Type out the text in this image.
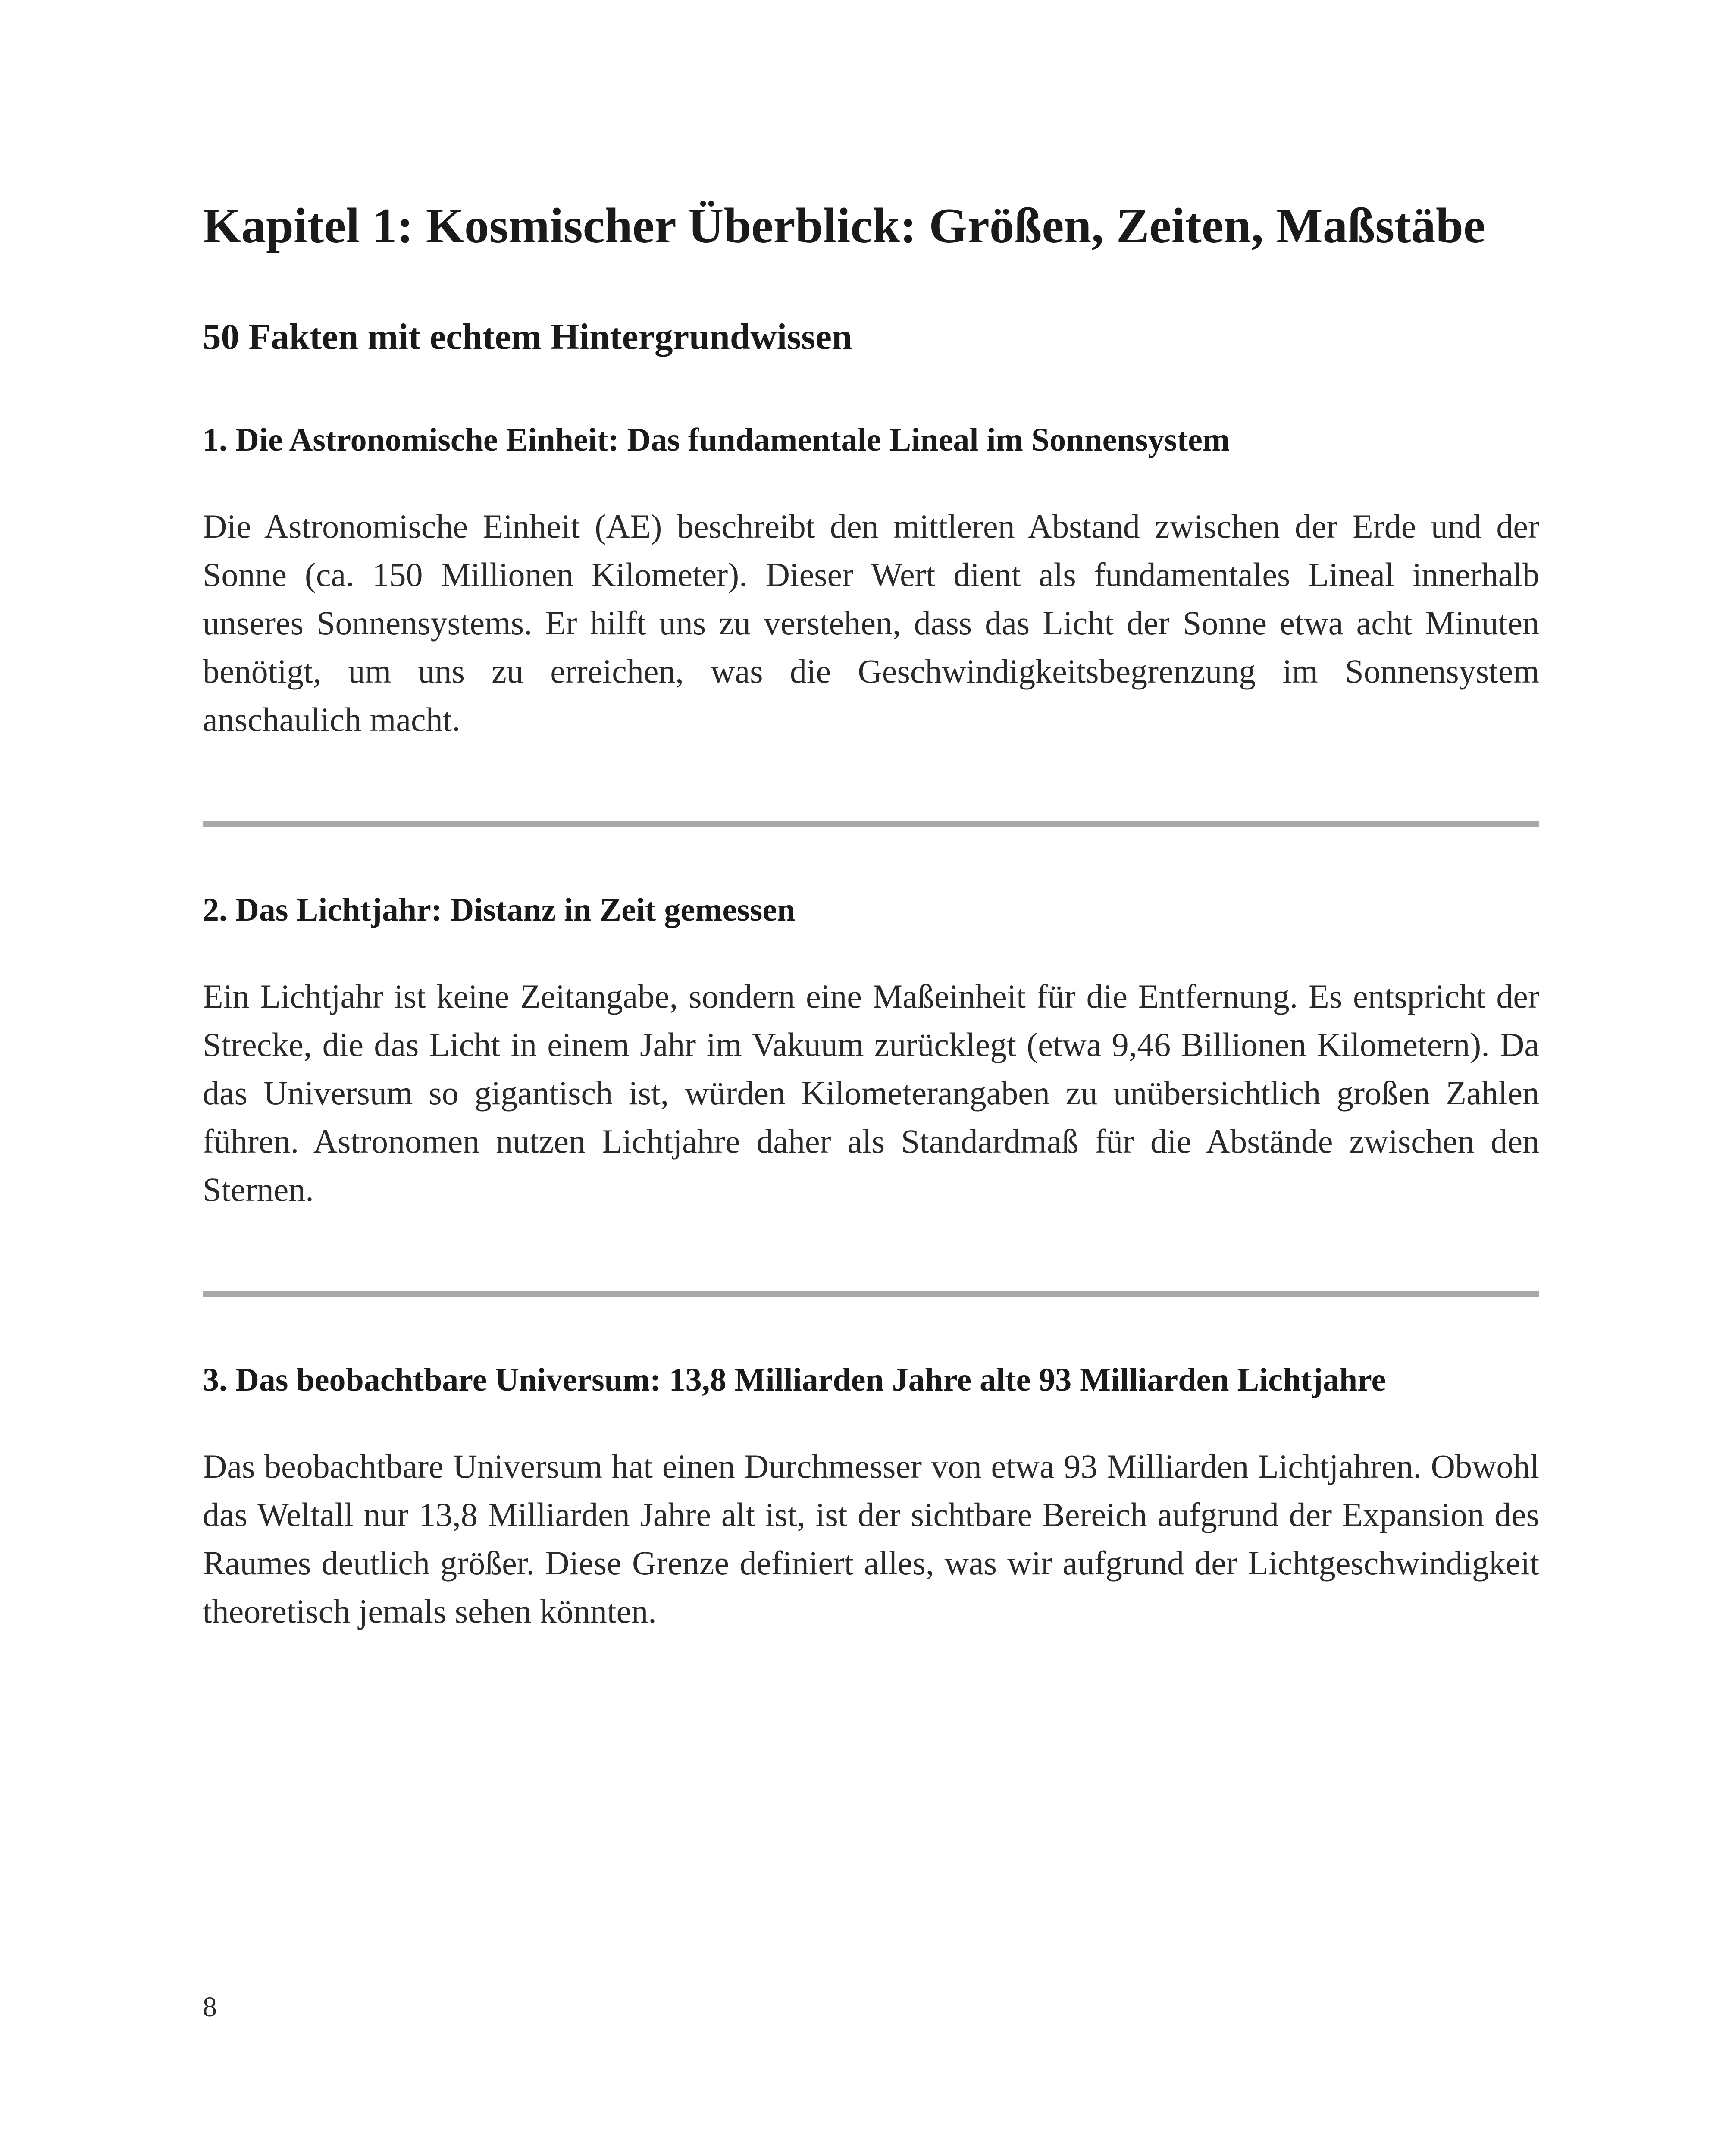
Kapitel 1: Kosmischer Überblick: Größen, Zeiten, Maßstäbe
50 Fakten mit echtem Hintergrundwissen
1. Die Astronomische Einheit: Das fundamentale Lineal im Sonnensystem

Die Astronomische Einheit (AE) beschreibt den mittleren Abstand zwischen der Erde und der Sonne (ca. 150 Millionen Kilometer). Dieser Wert dient als fundamentales Lineal innerhalb unseres Sonnensystems. Er hilft uns zu verstehen, dass das Licht der Sonne etwa acht Minuten benötigt, um uns zu erreichen, was die Geschwindigkeitsbegrenzung im Sonnensystem anschaulich macht.

2. Das Lichtjahr: Distanz in Zeit gemessen

Ein Lichtjahr ist keine Zeitangabe, sondern eine Maßeinheit für die Entfernung. Es entspricht der Strecke, die das Licht in einem Jahr im Vakuum zurücklegt (etwa 9,46 Billionen Kilometern). Da das Universum so gigantisch ist, würden Kilometerangaben zu unübersichtlich großen Zahlen führen. Astronomen nutzen Lichtjahre daher als Standardmaß für die Abstände zwischen den Sternen.

3. Das beobachtbare Universum: 13,8 Milliarden Jahre alte 93 Milliarden Lichtjahre

Das beobachtbare Universum hat einen Durchmesser von etwa 93 Milliarden Lichtjahren. Obwohl das Weltall nur 13,8 Milliarden Jahre alt ist, ist der sichtbare Bereich aufgrund der Expansion des Raumes deutlich größer. Diese Grenze definiert alles, was wir aufgrund der Lichtgeschwindigkeit theoretisch jemals sehen könnten.

8
